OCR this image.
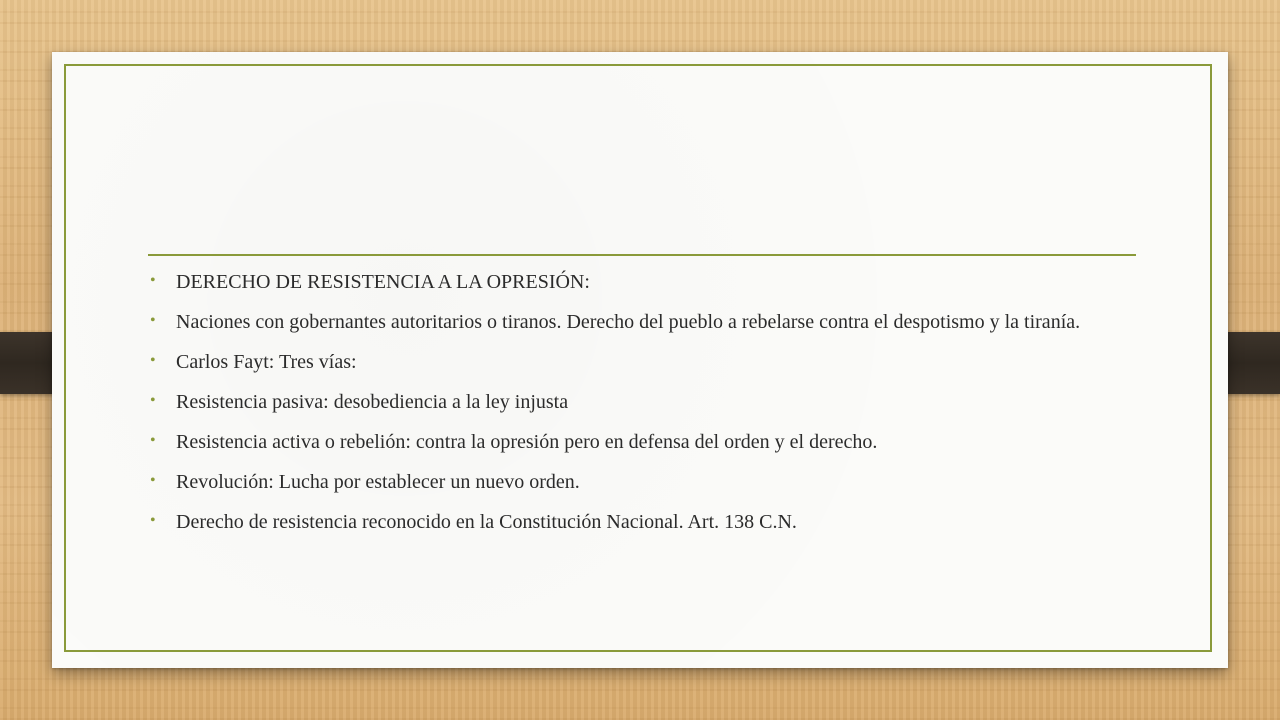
• DERECHO DE RESISTENCIA A LA OPRESIÓN:
• Naciones con gobernantes autoritarios o tiranos. Derecho del pueblo a rebelarse contra el despotismo y la tiranía.
• Carlos Fayt: Tres vías:
• Resistencia pasiva: desobediencia a la ley injusta
• Resistencia activa o rebelión: contra la opresión pero en defensa del orden y el derecho.
• Revolución: Lucha por establecer un nuevo orden.
• Derecho de resistencia reconocido en la Constitución Nacional. Art. 138 C.N.
